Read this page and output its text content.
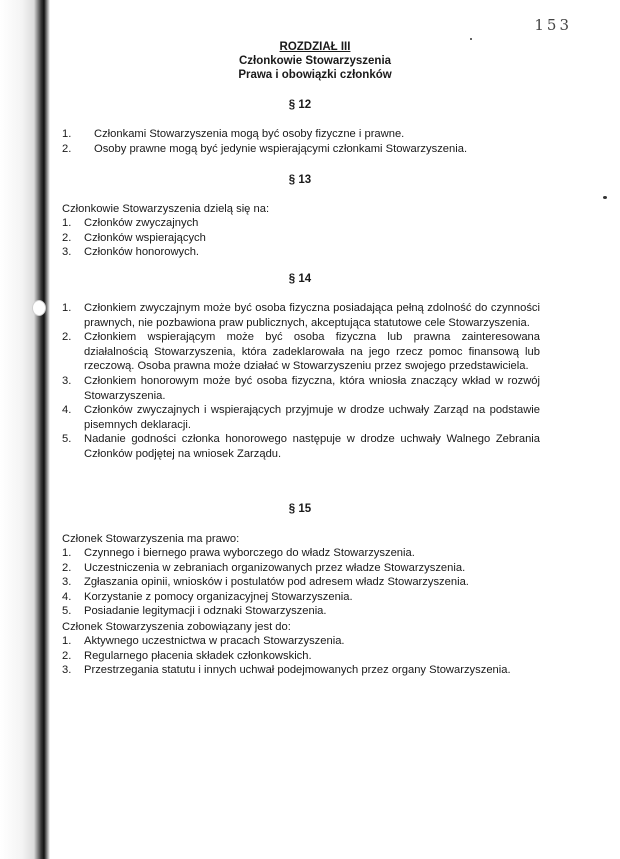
153
ROZDZIAŁ III
Członkowie Stowarzyszenia
Prawa i obowiązki członków
§ 12
1. Członkami Stowarzyszenia mogą być osoby fizyczne i prawne.
2. Osoby prawne mogą być jedynie wspierającymi członkami Stowarzyszenia.
§ 13
Członkowie Stowarzyszenia dzielą się na:
1. Członków zwyczajnych
2. Członków wspierających
3. Członków honorowych.
§ 14
1. Członkiem zwyczajnym może być osoba fizyczna posiadająca pełną zdolność do czynności prawnych, nie pozbawiona praw publicznych, akceptująca statutowe cele Stowarzyszenia.
2. Członkiem wspierającym może być osoba fizyczna lub prawna zainteresowana działalnością Stowarzyszenia, która zadeklarowała na jego rzecz pomoc finansową lub rzeczową. Osoba prawna może działać w Stowarzyszeniu przez swojego przedstawiciela.
3. Członkiem honorowym może być osoba fizyczna, która wniosła znaczący wkład w rozwój Stowarzyszenia.
4. Członków zwyczajnych i wspierających przyjmuje w drodze uchwały Zarząd na podstawie pisemnych deklaracji.
5. Nadanie godności członka honorowego następuje w drodze uchwały Walnego Zebrania Członków podjętej na wniosek Zarządu.
§ 15
Członek Stowarzyszenia ma prawo:
1. Czynnego i biernego prawa wyborczego do władz Stowarzyszenia.
2. Uczestniczenia w zebraniach organizowanych przez władze Stowarzyszenia.
3. Zgłaszania opinii, wniosków i postulatów pod adresem władz Stowarzyszenia.
4. Korzystanie z pomocy organizacyjnej Stowarzyszenia.
5. Posiadanie legitymacji i odznaki Stowarzyszenia.
Członek Stowarzyszenia zobowiązany jest do:
1. Aktywnego uczestnictwa w pracach Stowarzyszenia.
2. Regularnego płacenia składek członkowskich.
3. Przestrzegania statutu i innych uchwał podejmowanych przez organy Stowarzyszenia.
